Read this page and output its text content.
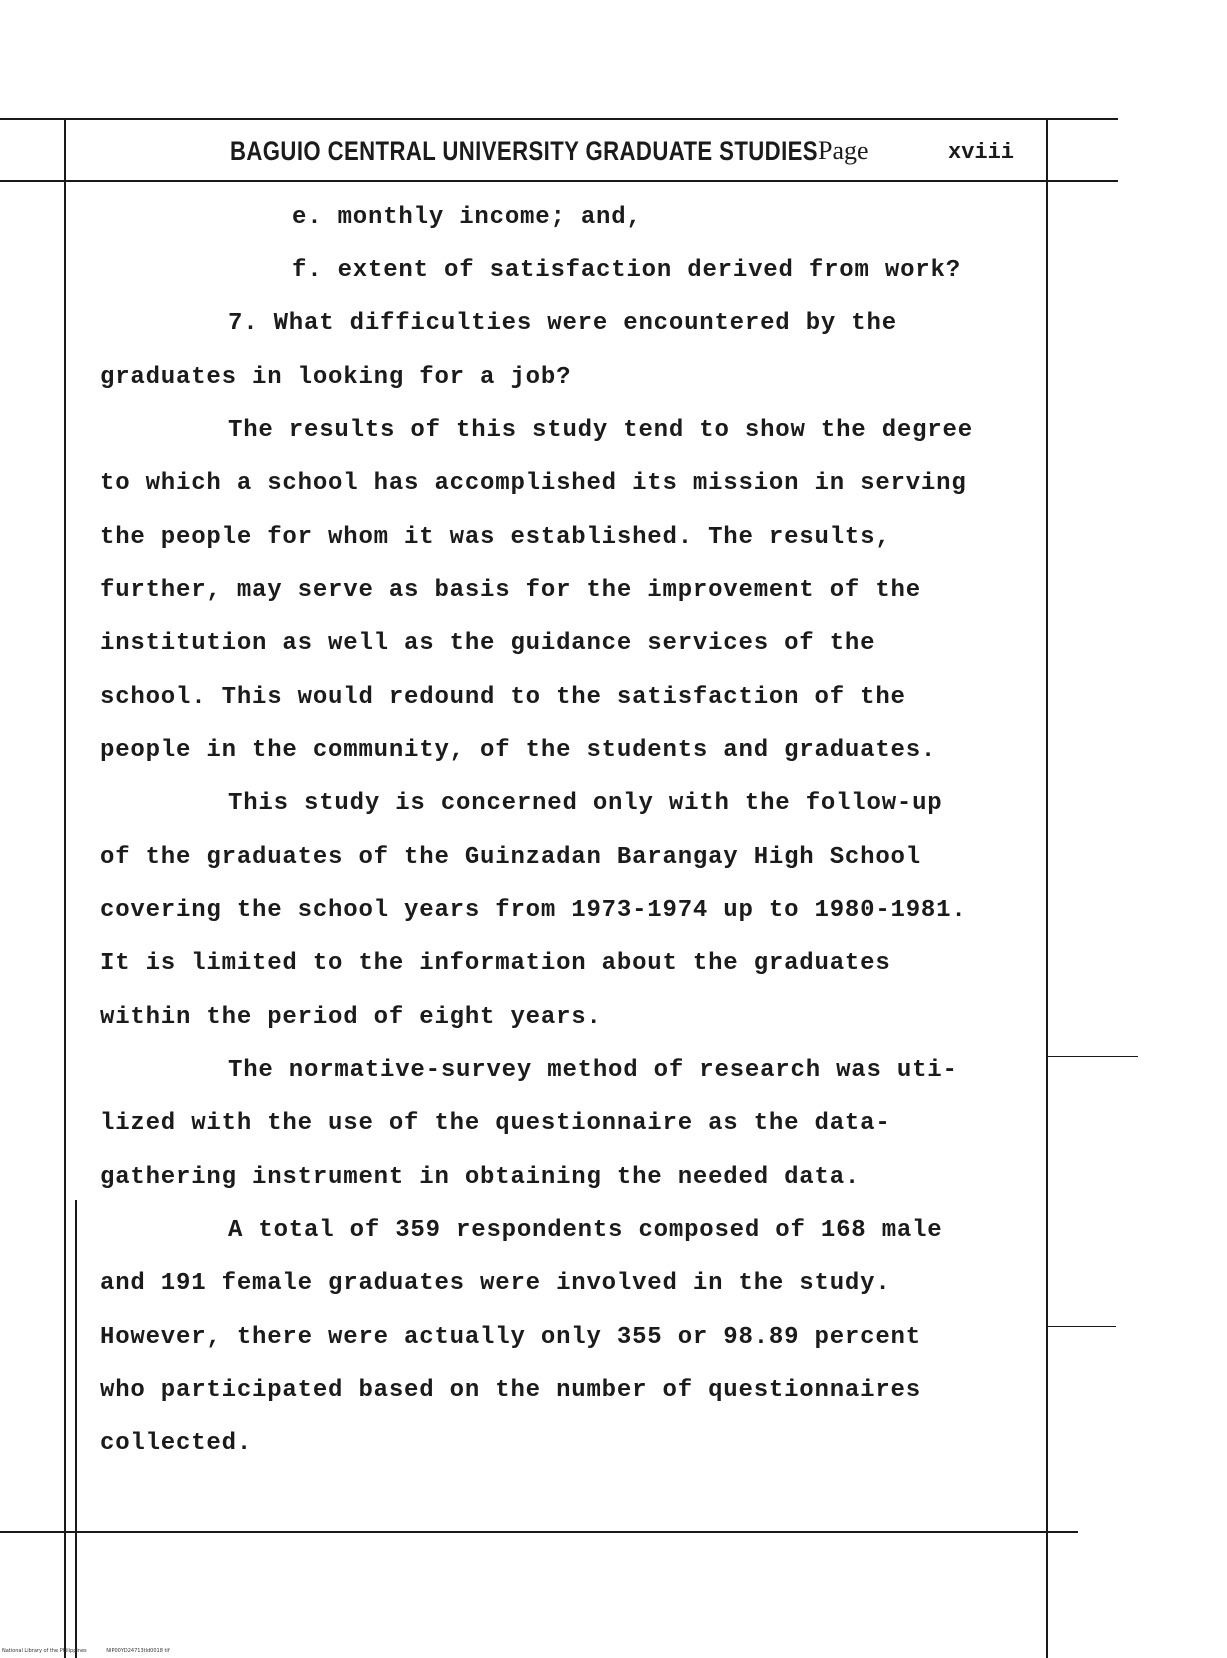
BAGUIO CENTRAL UNIVERSITY GRADUATE STUDIES Page	xviii
e. monthly income; and,
f. extent of satisfaction derived from work?
7. What difficulties were encountered by the
graduates in looking for a job?
The results of this study tend to show the degree
to which a school has accomplished its mission in serving
the people for whom it was established. The results,
further, may serve as basis for the improvement of the
institution as well as the guidance services of the
school. This would redound to the satisfaction of the
people in the community, of the students and graduates.
This study is concerned only with the follow-up
of the graduates of the Guinzadan Barangay High School
covering the school years from 1973-1974 up to 1980-1981.
It is limited to the information about the graduates
within the period of eight years.
The normative-survey method of research was uti-
lized with the use of the questionnaire as the data-
gathering instrument in obtaining the needed data.
A total of 359 respondents composed of 168 male
and 191 female graduates were involved in the study.
However, there were actually only 355 or 98.89 percent
who participated based on the number of questionnaires
collected.
National Library of the Philippines	NIP00YD24713tld0018 tif
